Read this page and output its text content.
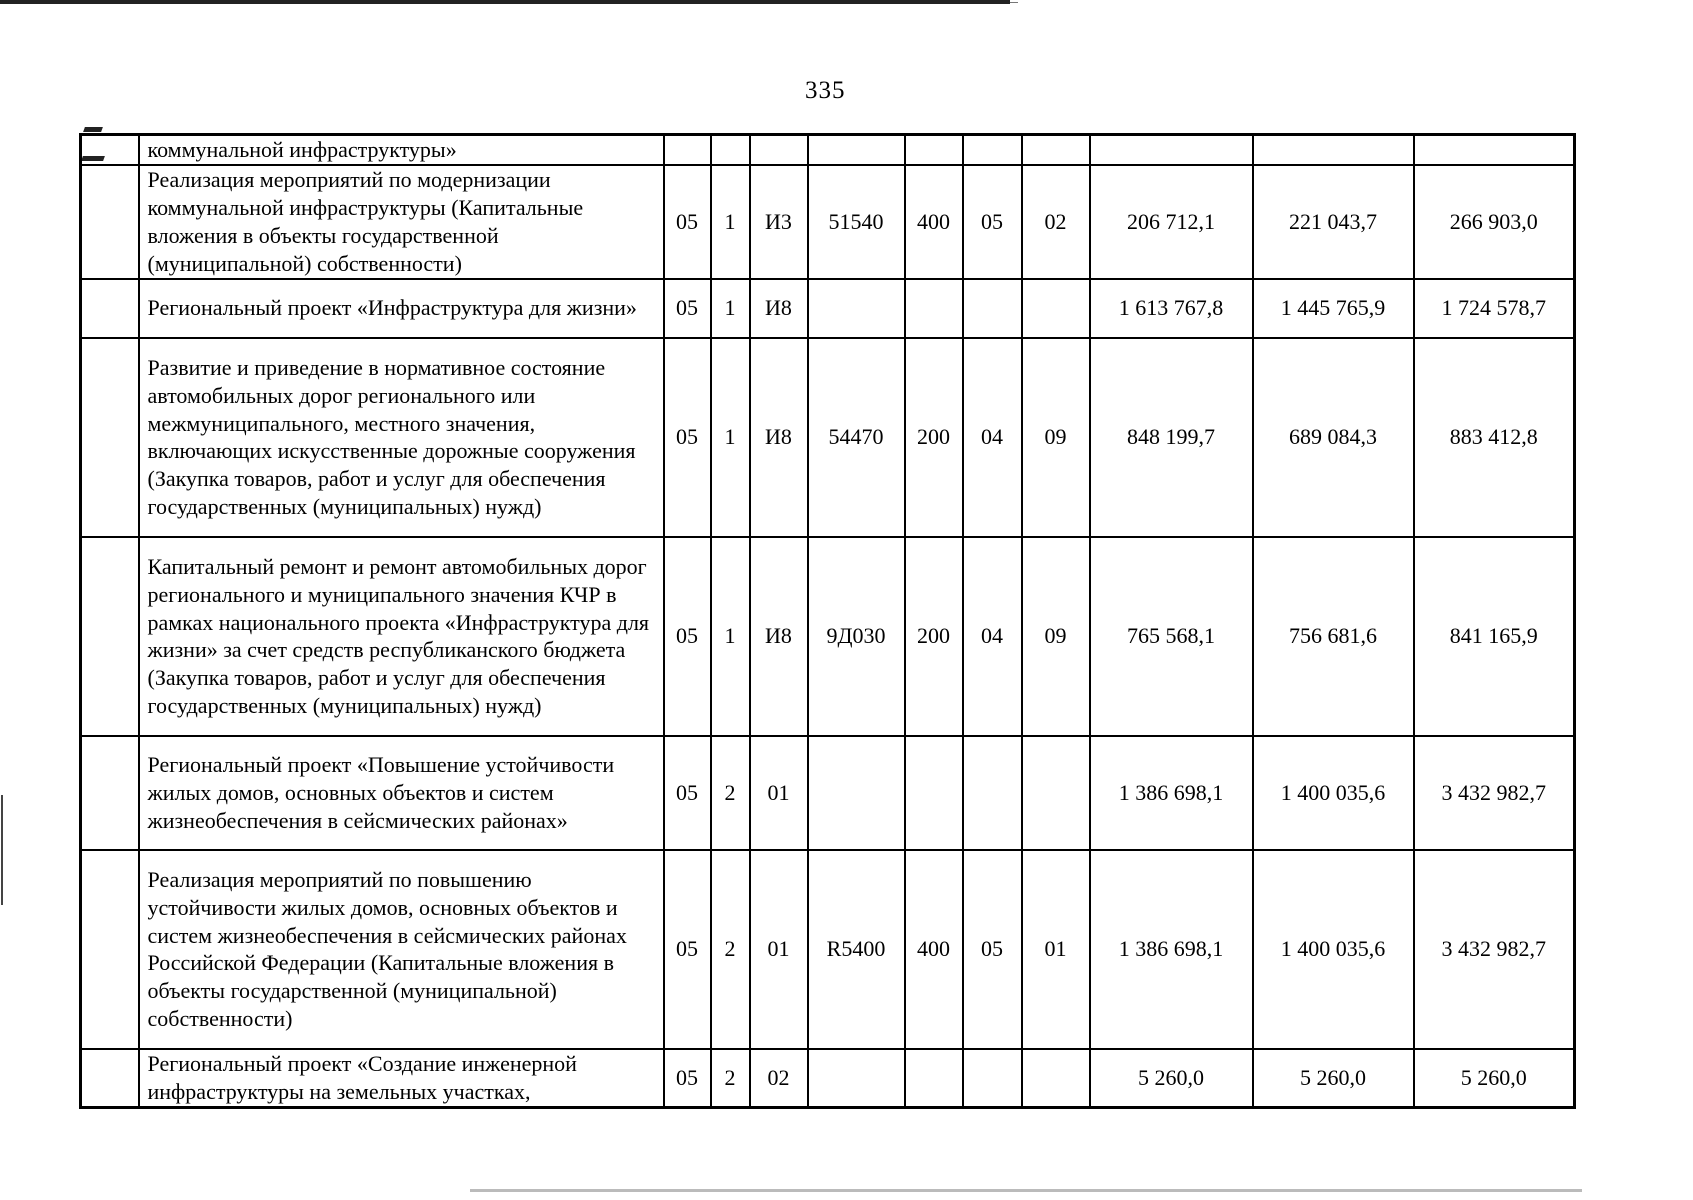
335
	коммунальной инфраструктуры»										
	Реализация мероприятий по модернизации коммунальной инфраструктуры (Капитальные вложения в объекты государственной (муниципальной) собственности)	05	1	И3	51540	400	05	02	206 712,1	221 043,7	266 903,0
	Региональный проект «Инфраструктура для жизни»	05	1	И8					1 613 767,8	1 445 765,9	1 724 578,7
	Развитие и приведение в нормативное состояние автомобильных дорог регионального или межмуниципального, местного значения, включающих искусственные дорожные сооружения (Закупка товаров, работ и услуг для обеспечения государственных (муниципальных) нужд)	05	1	И8	54470	200	04	09	848 199,7	689 084,3	883 412,8
	Капитальный ремонт и ремонт автомобильных дорог регионального и муниципального значения КЧР в рамках национального проекта «Инфраструктура для жизни» за счет средств республиканского бюджета (Закупка товаров, работ и услуг для обеспечения государственных (муниципальных) нужд)	05	1	И8	9Д030	200	04	09	765 568,1	756 681,6	841 165,9
	Региональный проект «Повышение устойчивости жилых домов, основных объектов и систем жизнеобеспечения в сейсмических районах»	05	2	01					1 386 698,1	1 400 035,6	3 432 982,7
	Реализация мероприятий по повышению устойчивости жилых домов, основных объектов и систем жизнеобеспечения в сейсмических районах Российской Федерации (Капитальные вложения в объекты государственной (муниципальной) собственности)	05	2	01	R5400	400	05	01	1 386 698,1	1 400 035,6	3 432 982,7
	Региональный проект «Создание инженерной инфраструктуры на земельных участках,	05	2	02					5 260,0	5 260,0	5 260,0
